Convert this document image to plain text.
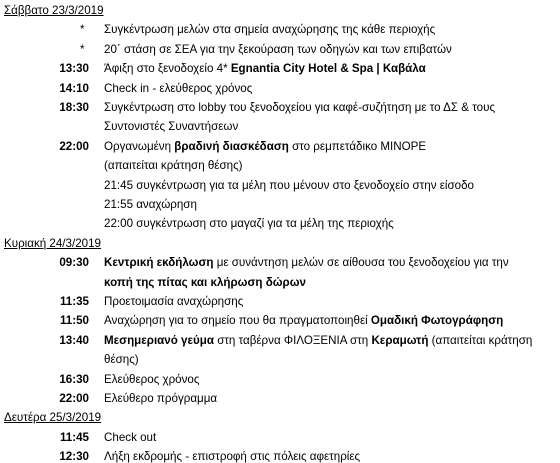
Σάββατο 23/3/2019
* Συγκέντρωση μελών στα σημεία αναχώρησης της κάθε περιοχής
* 20΄ στάση σε ΣΕΑ για την ξεκούραση των οδηγών και των επιβατών
13:30 Άφιξη στο ξενοδοχείο 4* Egnantia City Hotel & Spa | Καβάλα
14:10 Check in - ελεύθερος χρόνος
18:30 Συγκέντρωση στο lobby του ξενοδοχείου για καφέ-συζήτηση με το ΔΣ & τους
Συντονιστές Συναντήσεων
22:00 Οργανωμένη βραδινή διασκέδαση στο ρεμπετάδικο ΜΙΝΟΡΕ
(απαιτείται κράτηση θέσης)
21:45 συγκέντρωση για τα μέλη που μένουν στο ξενοδοχείο στην είσοδο
21:55 αναχώρηση
22:00 συγκέντρωση στο μαγαζί για τα μέλη της περιοχής
Κυριακή 24/3/2019
09:30 Κεντρική εκδήλωση με συνάντηση μελών σε αίθουσα του ξενοδοχείου για την
κοπή της πίτας και κλήρωση δώρων
11:35 Προετοιμασία αναχώρησης
11:50 Αναχώρηση για το σημείο που θα πραγματοποιηθεί Ομαδική Φωτογράφηση
13:40 Μεσημεριανό γεύμα στη ταβέρνα ΦΙΛΟΞΕΝΙΑ στη Κεραμωτή (απαιτείται κράτηση
θέσης)
16:30 Ελεύθερος χρόνος
22:00 Ελεύθερο πρόγραμμα
Δευτέρα 25/3/2019
11:45 Check out
12:30 Λήξη εκδρομής - επιστροφή στις πόλεις αφετηρίες
